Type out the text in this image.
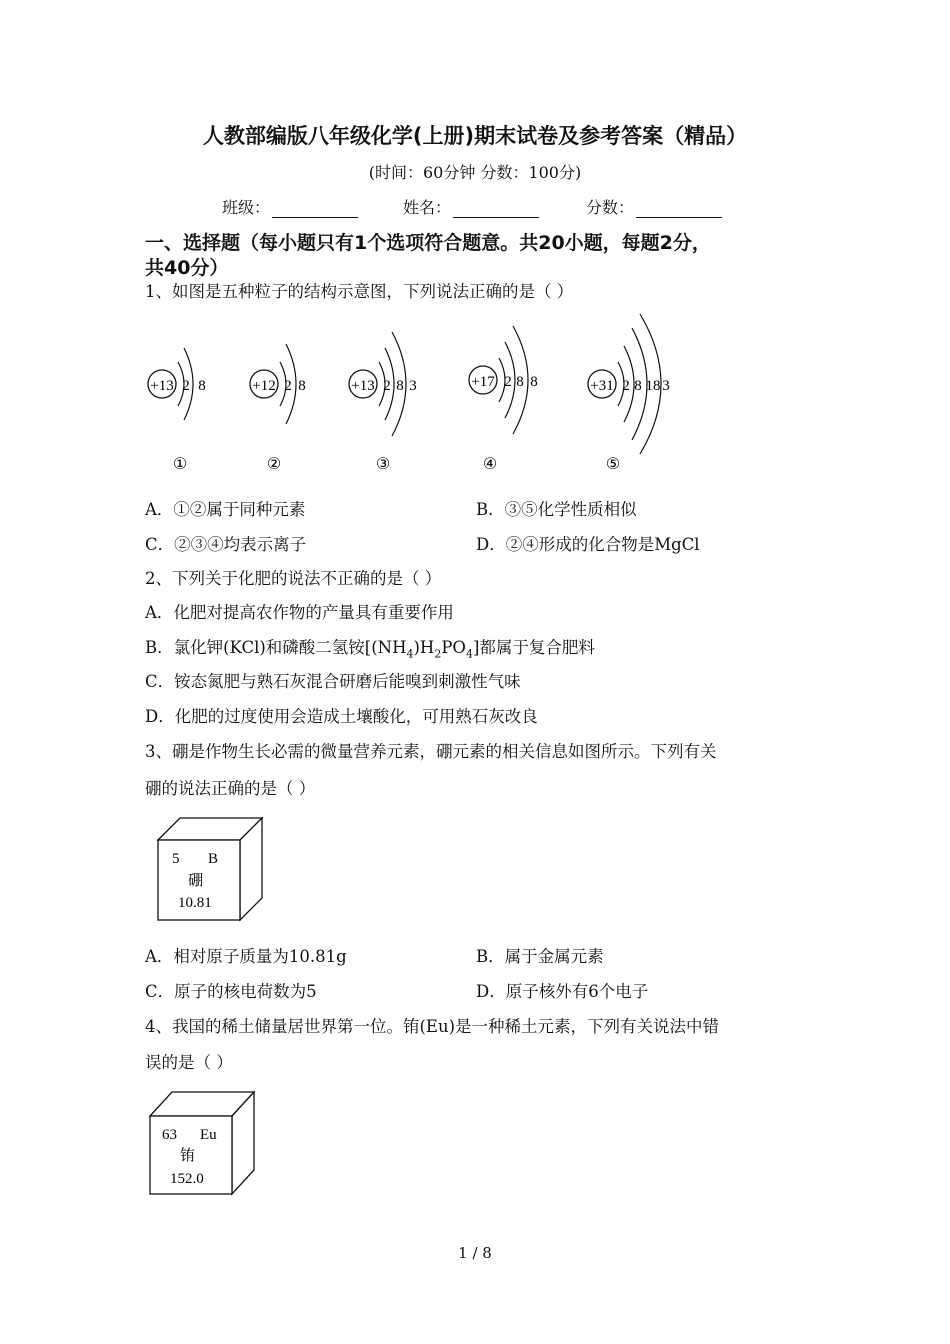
人教部编版八年级化学(上册)期末试卷及参考答案（精品）
(时间：60分钟 分数：100分)
班级：	姓名：	分数：
一、选择题（每小题只有1个选项符合题意。共20小题，每题2分，
共40分）
1、如图是五种粒子的结构示意图，下列说法正确的是（ ）
+13 2 8
①
+12 2 8
②
+13 2 8 3
③
+17 2 8 8
④
+31 2 8 18 3
⑤
A．①②属于同种元素	B．③⑤化学性质相似
C．②③④均表示离子	D．②④形成的化合物是MgCl
2、下列关于化肥的说法不正确的是（ ）
A．化肥对提高农作物的产量具有重要作用
B．氯化钾(KCl)和磷酸二氢铵$[(NH_4)H_2PO_4]$都属于复合肥料
C．铵态氮肥与熟石灰混合研磨后能嗅到刺激性气味
D．化肥的过度使用会造成土壤酸化，可用熟石灰改良
3、硼是作物生长必需的微量营养元素，硼元素的相关信息如图所示。下列有关
硼的说法正确的是（ ）
5 B
硼
10.81
A．相对原子质量为10.81g	B．属于金属元素
C．原子的核电荷数为5	D．原子核外有6个电子
4、我国的稀土储量居世界第一位。铕(Eu)是一种稀土元素，下列有关说法中错
误的是（ ）
63 Eu
铕
152.0
1 / 8
